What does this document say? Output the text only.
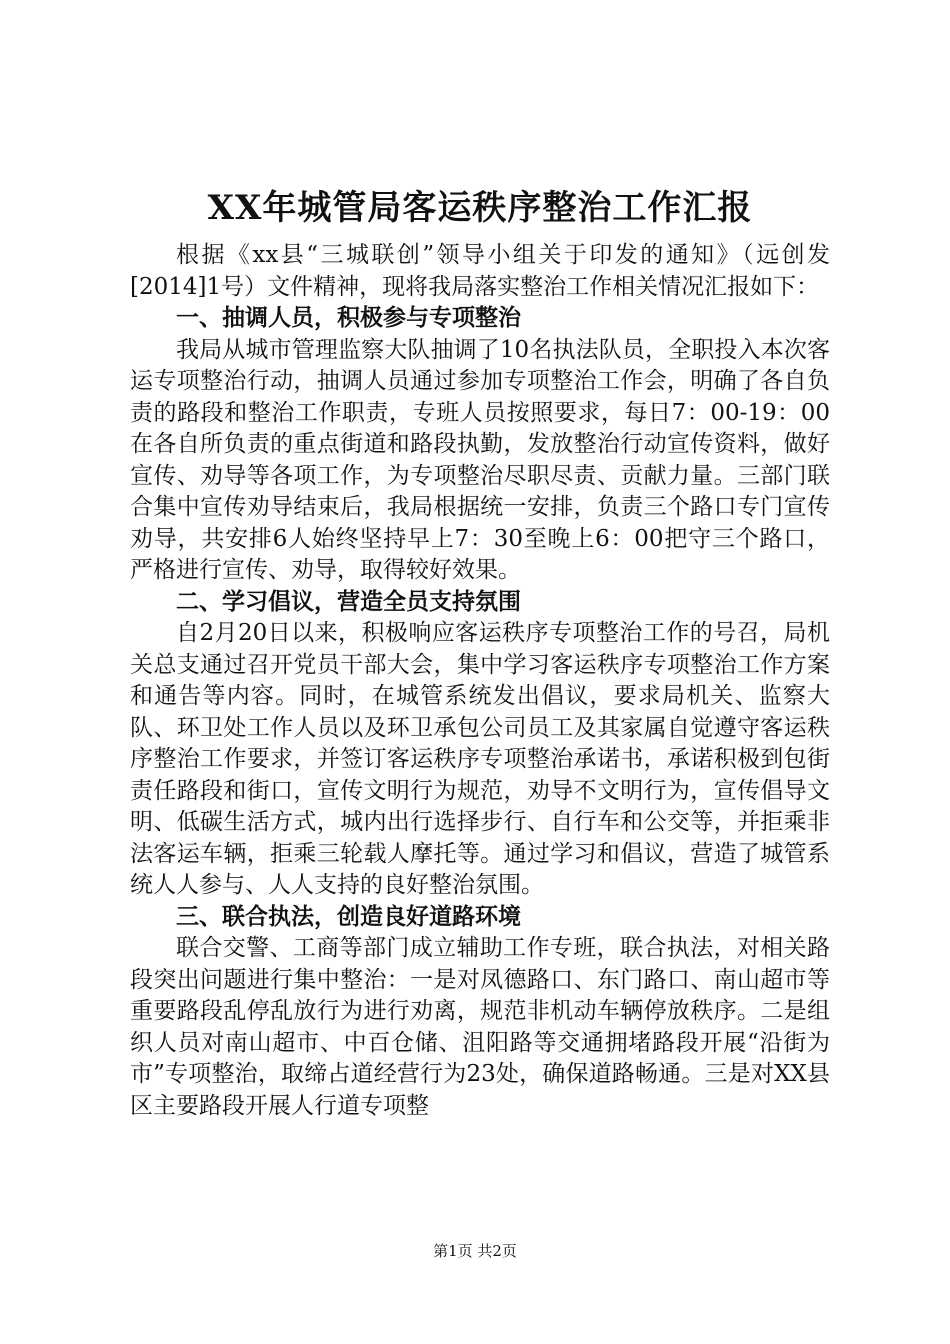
XX年城管局客运秩序整治工作汇报

根据《xx县“三城联创”领导小组关于印发的通知》（远创发[2014]1号）文件精神，现将我局落实整治工作相关情况汇报如下：

一、抽调人员，积极参与专项整治

我局从城市管理监察大队抽调了10名执法队员，全职投入本次客运专项整治行动，抽调人员通过参加专项整治工作会，明确了各自负责的路段和整治工作职责，专班人员按照要求，每日7：00-19：00在各自所负责的重点街道和路段执勤，发放整治行动宣传资料，做好宣传、劝导等各项工作，为专项整治尽职尽责、贡献力量。三部门联合集中宣传劝导结束后，我局根据统一安排，负责三个路口专门宣传劝导，共安排6人始终坚持早上7：30至晚上6：00把守三个路口，严格进行宣传、劝导，取得较好效果。

二、学习倡议，营造全员支持氛围

自2月20日以来，积极响应客运秩序专项整治工作的号召，局机关总支通过召开党员干部大会，集中学习客运秩序专项整治工作方案和通告等内容。同时，在城管系统发出倡议，要求局机关、监察大队、环卫处工作人员以及环卫承包公司员工及其家属自觉遵守客运秩序整治工作要求，并签订客运秩序专项整治承诺书，承诺积极到包街责任路段和街口，宣传文明行为规范，劝导不文明行为，宣传倡导文明、低碳生活方式，城内出行选择步行、自行车和公交等，并拒乘非法客运车辆，拒乘三轮载人摩托等。通过学习和倡议，营造了城管系统人人参与、人人支持的良好整治氛围。

三、联合执法，创造良好道路环境

联合交警、工商等部门成立辅助工作专班，联合执法，对相关路段突出问题进行集中整治：一是对凤德路口、东门路口、南山超市等重要路段乱停乱放行为进行劝离，规范非机动车辆停放秩序。二是组织人员对南山超市、中百仓储、沮阳路等交通拥堵路段开展“沿街为市”专项整治，取缔占道经营行为23处，确保道路畅通。三是对XX县区主要路段开展人行道专项整

第1页 共2页
